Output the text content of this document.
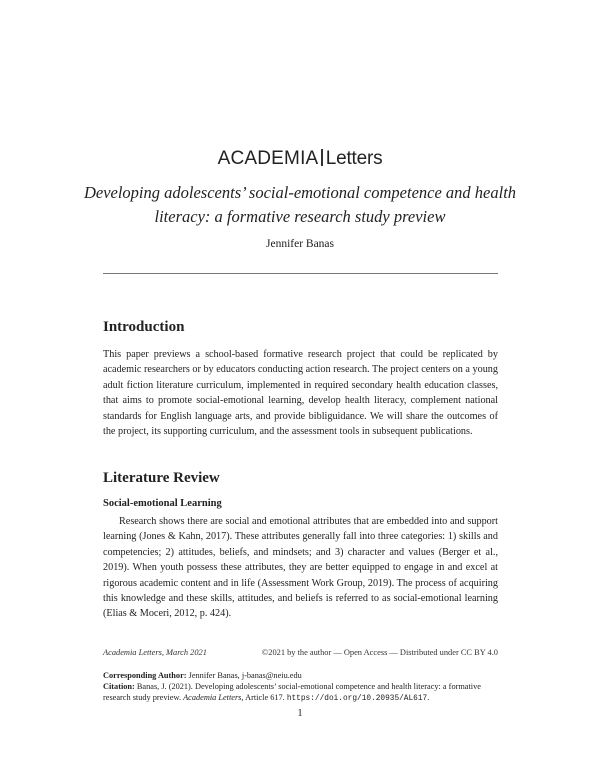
ACADEMIA Letters
Developing adolescents’ social-emotional competence and health literacy: a formative research study preview
Jennifer Banas
Introduction
This paper previews a school-based formative research project that could be replicated by academic researchers or by educators conducting action research. The project centers on a young adult fiction literature curriculum, implemented in required secondary health education classes, that aims to promote social-emotional learning, develop health literacy, complement national standards for English language arts, and provide bibliguidance. We will share the outcomes of the project, its supporting curriculum, and the assessment tools in subsequent publications.
Literature Review
Social-emotional Learning
Research shows there are social and emotional attributes that are embedded into and support learning (Jones & Kahn, 2017). These attributes generally fall into three categories: 1) skills and competencies; 2) attitudes, beliefs, and mindsets; and 3) character and values (Berger et al., 2019). When youth possess these attributes, they are better equipped to engage in and excel at rigorous academic content and in life (Assessment Work Group, 2019). The process of acquiring this knowledge and these skills, attitudes, and beliefs is referred to as social-emotional learning (Elias & Moceri, 2012, p. 424).
Academia Letters, March 2021	©2021 by the author — Open Access — Distributed under CC BY 4.0
Corresponding Author: Jennifer Banas, j-banas@neiu.edu
Citation: Banas, J. (2021). Developing adolescents’ social-emotional competence and health literacy: a formative research study preview. Academia Letters, Article 617. https://doi.org/10.20935/AL617.
1
